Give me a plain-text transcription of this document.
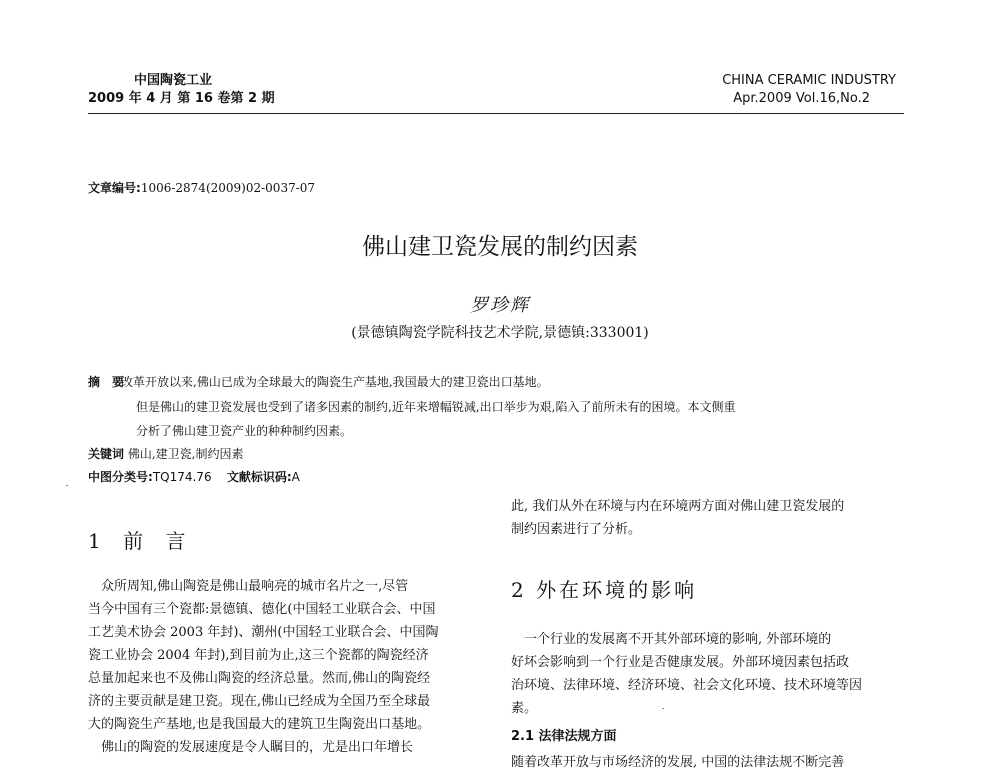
中国陶瓷工业
2009 年 4 月 第 16 卷第 2 期
CHINA CERAMIC INDUSTRY
Apr.2009 Vol.16,No.2
文章编号:1006-2874(2009)02-0037-07
佛山建卫瓷发展的制约因素
罗珍辉
(景德镇陶瓷学院科技艺术学院,景德镇:333001)
摘　要
改革开放以来,佛山已成为全球最大的陶瓷生产基地,我国最大的建卫瓷出口基地。
但是佛山的建卫瓷发展也受到了诸多因素的制约,近年来增幅锐减,出口举步为艰,陷入了前所未有的困境。本文侧重
分析了佛山建卫瓷产业的种种制约因素。
关键词 佛山,建卫瓷,制约因素
中图分类号:TQ174.76 文献标识码:A
1 前 言
　众所周知,佛山陶瓷是佛山最响亮的城市名片之一,尽管
当今中国有三个瓷都:景德镇、德化(中国轻工业联合会、中国
工艺美术协会 2003 年封)、潮州(中国轻工业联合会、中国陶
瓷工业协会 2004 年封),到目前为止,这三个瓷都的陶瓷经济
总量加起来也不及佛山陶瓷的经济总量。然而,佛山的陶瓷经
济的主要贡献是建卫瓷。现在,佛山已经成为全国乃至全球最
大的陶瓷生产基地,也是我国最大的建筑卫生陶瓷出口基地。
　佛山的陶瓷的发展速度是令人瞩目的，尤是出口年增长
此, 我们从外在环境与内在环境两方面对佛山建卫瓷发展的
制约因素进行了分析。
2 外在环境的影响
　一个行业的发展离不开其外部环境的影响, 外部环境的
好坏会影响到一个行业是否健康发展。外部环境因素包括政
治环境、法律环境、经济环境、社会文化环境、技术环境等因
素。
2.1 法律法规方面
随着改革开放与市场经济的发展, 中国的法律法规不断完善
